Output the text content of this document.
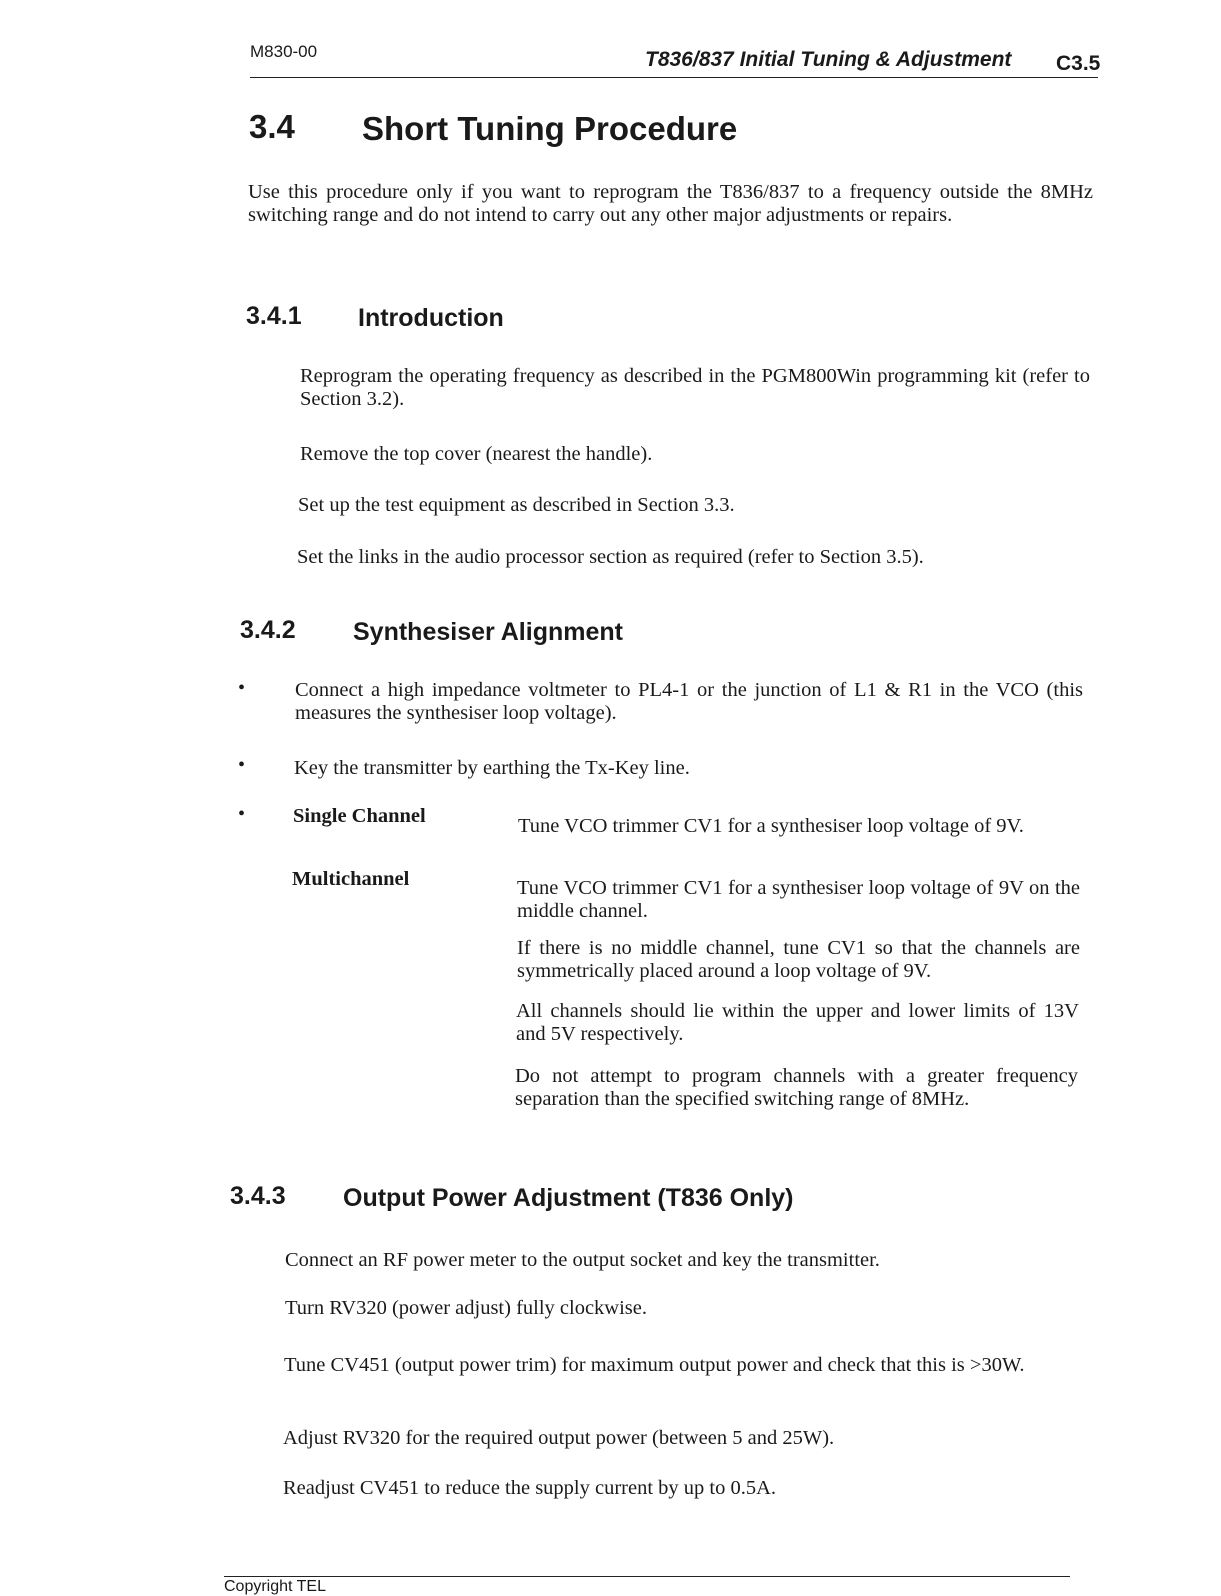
M830-00	T836/837 Initial Tuning & Adjustment C3.5
3.4 Short Tuning Procedure
Use this procedure only if you want to reprogram the T836/837 to a frequency outside the 8MHz switching range and do not intend to carry out any other major adjustments or repairs.
3.4.1 Introduction
Reprogram the operating frequency as described in the PGM800Win programming kit (refer to Section 3.2).
Remove the top cover (nearest the handle).
Set up the test equipment as described in Section 3.3.
Set the links in the audio processor section as required (refer to Section 3.5).
3.4.2 Synthesiser Alignment
• Connect a high impedance voltmeter to PL4-1 or the junction of L1 & R1 in the VCO (this measures the synthesiser loop voltage).
• Key the transmitter by earthing the Tx-Key line.
• Single Channel	Tune VCO trimmer CV1 for a synthesiser loop voltage of 9V.
Multichannel	Tune VCO trimmer CV1 for a synthesiser loop voltage of 9V on the middle channel.
If there is no middle channel, tune CV1 so that the channels are symmetrically placed around a loop voltage of 9V.
All channels should lie within the upper and lower limits of 13V and 5V respectively.
Do not attempt to program channels with a greater frequency separation than the specified switching range of 8MHz.
3.4.3 Output Power Adjustment (T836 Only)
Connect an RF power meter to the output socket and key the transmitter.
Turn RV320 (power adjust) fully clockwise.
Tune CV451 (output power trim) for maximum output power and check that this is >30W.
Adjust RV320 for the required output power (between 5 and 25W).
Readjust CV451 to reduce the supply current by up to 0.5A.
Copyright TEL
